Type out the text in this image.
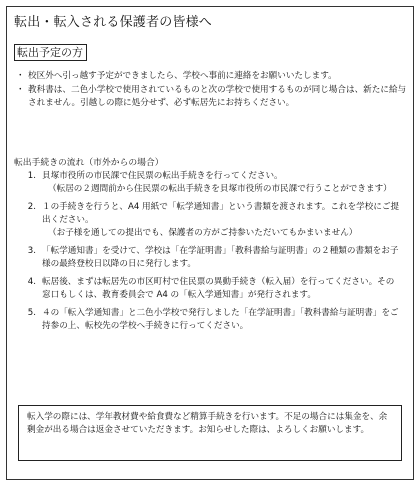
転出・転入される保護者の皆様へ
転出予定の方
・ 校区外へ引っ越す予定ができましたら、学校へ事前に連絡をお願いいたします。
・ 教科書は、二色小学校で使用されているものと次の学校で使用するものが同じ場合は、新たに給与されません。引越しの際に処分せず、必ず転居先にお持ちください。
転出手続きの流れ（市外からの場合）
1. 貝塚市役所の市民課で住民票の転出手続きを行ってください。
（転居の２週間前から住民票の転出手続きを貝塚市役所の市民課で行うことができます）
2. １の手続きを行うと、A4 用紙で「転学通知書」という書類を渡されます。これを学校にご提出ください。
（お子様を通しての提出でも、保護者の方がご持参いただいてもかまいません）
3. 「転学通知書」を受けて、学校は「在学証明書」「教科書給与証明書」の２種類の書類をお子様の最終登校日以降の日に発行します。
4. 転居後、まずは転居先の市区町村で住民票の異動手続き（転入届）を行ってください。その窓口もしくは、教育委員会で A4 の「転入学通知書」が発行されます。
5. ４の「転入学通知書」と二色小学校で発行しました「在学証明書」「教科書給与証明書」をご持参の上、転校先の学校へ手続きに行ってください。
転入学の際には、学年教材費や給食費など精算手続きを行います。不足の場合には集金を、余剰金が出る場合は返金させていただきます。お知らせした際は、よろしくお願いします。
